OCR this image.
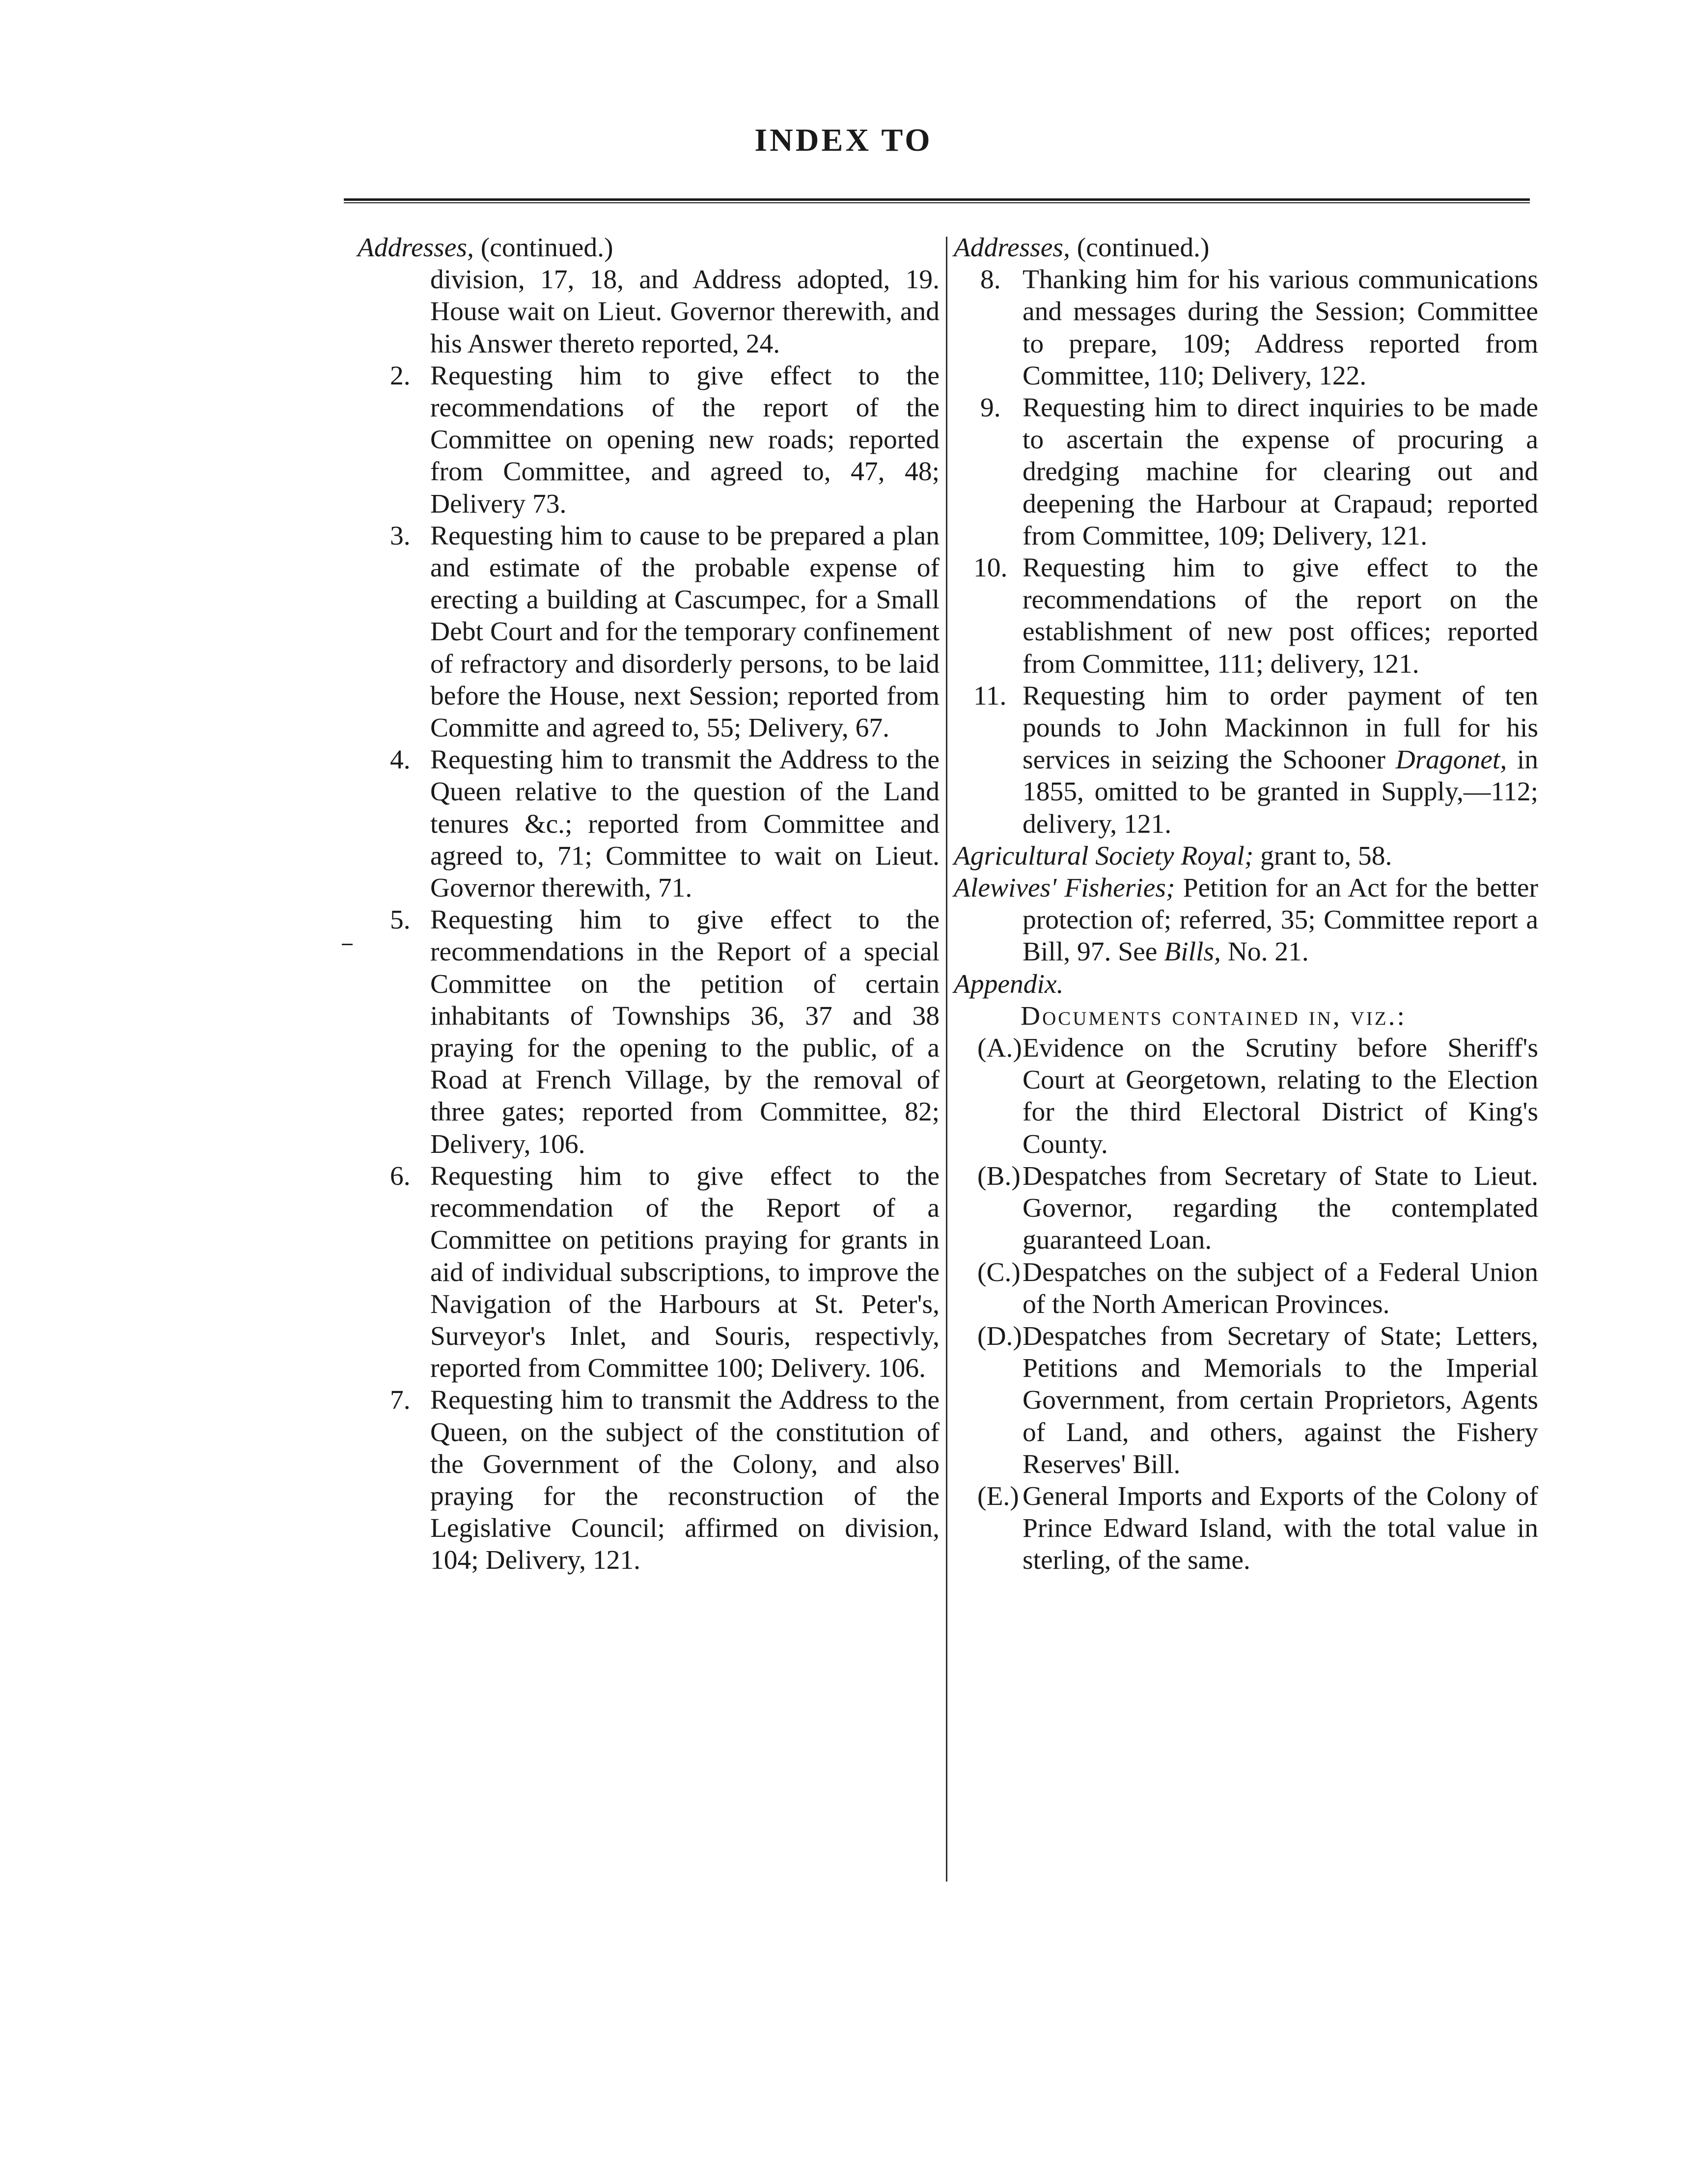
INDEX TO
Addresses, (continued.)
division, 17, 18, and Address adopted, 19. House wait on Lieut. Governor therewith, and his Answer thereto reported, 24.
2. Requesting him to give effect to the recommendations of the report of the Committee on opening new roads; reported from Committee, and agreed to, 47, 48; Delivery 73.
3. Requesting him to cause to be prepared a plan and estimate of the probable expense of erecting a building at Cascumpec, for a Small Debt Court and for the temporary confinement of refractory and disorderly persons, to be laid before the House, next Session; reported from Committe and agreed to, 55; Delivery, 67.
4. Requesting him to transmit the Address to the Queen relative to the question of the Land tenures &c.; reported from Committee and agreed to, 71; Committee to wait on Lieut. Governor therewith, 71.
5. Requesting him to give effect to the recommendations in the Report of a special Committee on the petition of certain inhabitants of Townships 36, 37 and 38 praying for the opening to the public, of a Road at French Village, by the removal of three gates; reported from Committee, 82; Delivery, 106.
6. Requesting him to give effect to the recommendation of the Report of a Committee on petitions praying for grants in aid of individual subscriptions, to improve the Navigation of the Harbours at St. Peter's, Surveyor's Inlet, and Souris, respectivly, reported from Committee 100; Delivery. 106.
7. Requesting him to transmit the Address to the Queen, on the subject of the constitution of the Government of the Colony, and also praying for the reconstruction of the Legislative Council; affirmed on division, 104; Delivery, 121.
Addresses, (continued.)
8. Thanking him for his various communications and messages during the Session; Committee to prepare, 109; Address reported from Committee, 110; Delivery, 122.
9. Requesting him to direct inquiries to be made to ascertain the expense of procuring a dredging machine for clearing out and deepening the Harbour at Crapaud; reported from Committee, 109; Delivery, 121.
10. Requesting him to give effect to the recommendations of the report on the establishment of new post offices; reported from Committee, 111; delivery, 121.
11. Requesting him to order payment of ten pounds to John Mackinnon in full for his services in seizing the Schooner Dragonet, in 1855, omitted to be granted in Supply,—112; delivery, 121.
Agricultural Society Royal; grant to, 58.
Alewives' Fisheries; Petition for an Act for the better protection of; referred, 35; Committee report a Bill, 97. See Bills, No. 21.
Appendix.
Documents contained in, viz.:
(A.) Evidence on the Scrutiny before Sheriff's Court at Georgetown, relating to the Election for the third Electoral District of King's County.
(B.) Despatches from Secretary of State to Lieut. Governor, regarding the contemplated guaranteed Loan.
(C.) Despatches on the subject of a Federal Union of the North American Provinces.
(D.) Despatches from Secretary of State; Letters, Petitions and Memorials to the Imperial Government, from certain Proprietors, Agents of Land, and others, against the Fishery Reserves' Bill.
(E.) General Imports and Exports of the Colony of Prince Edward Island, with the total value in sterling, of the same.
